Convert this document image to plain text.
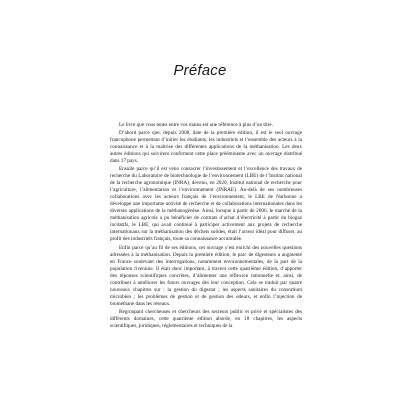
Préface

Le livre que vous tenez entre vos mains est une référence à plus d’un titre.

D’abord parce que, depuis 2008, date de la première édition, il est le seul ouvrage francophone permettant d’initier les étudiants, les industriels et l’ensemble des acteurs à la connaissance et à la maîtrise des différentes applications de la méthanisation. Les deux autres éditions qui suivirent confirment cette place prééminente avec un ouvrage distribué dans 17 pays.

Ensuite parce qu’il est venu consacrer l’investissement et l’excellence des travaux de recherche du Laboratoire de biotechnologie de l’environnement (LBE) de l’Institut national de la recherche agronomique (INRA), devenu, en 2020, Institut national de recherche pour l’agriculture, l’alimentation et l’environnement (INRAE). Au-delà de ses nombreuses collaborations avec les acteurs français de l’environnement, le LBE de Narbonne a développé une importante activité de recherche et de collaborations internationales dans les diverses applications de la méthanogénèse. Ainsi, lorsque à partir de 2006, le marché de la méthanisation agricole a pu bénéficier de contrats d’achat d’électricité à partir du biogaz incitatifs, le LBE, qui avait continué à participer activement aux projets de recherche internationaux sur la méthanisation des déchets solides, était l’acteur idéal pour diffuser, au profit des industriels français, toute sa connaissance accumulée.

Enfin parce qu’au fil de ses éditions, cet ouvrage s’est enrichi des nouvelles questions adressées à la méthanisation. Depuis la première édition, le parc de digesteurs a augmenté en France soulevant des interrogations, notamment environnementales, de la part de la population riveraine. Il était donc important, à travers cette quatrième édition, d’apporter des réponses scientifiques concrètes, d’alimenter une réflexion rationnelle et, ainsi, de contribuer à améliorer les futurs ouvrages dès leur conception. Cela se traduit par quatre nouveaux chapitres sur : la gestion du digestat ; les aspects sanitaires du consortium microbien ; les problèmes de gestion et de gestion des odeurs, et enfin l’injection de biométhane dans les réseaux.

Regroupant chercheuses et chercheurs des secteurs public et privé et spécialistes des différents domaines, cette quatrième édition aborde, en 18 chapitres, les aspects scientifiques, juridiques, réglementaires et techniques de la
